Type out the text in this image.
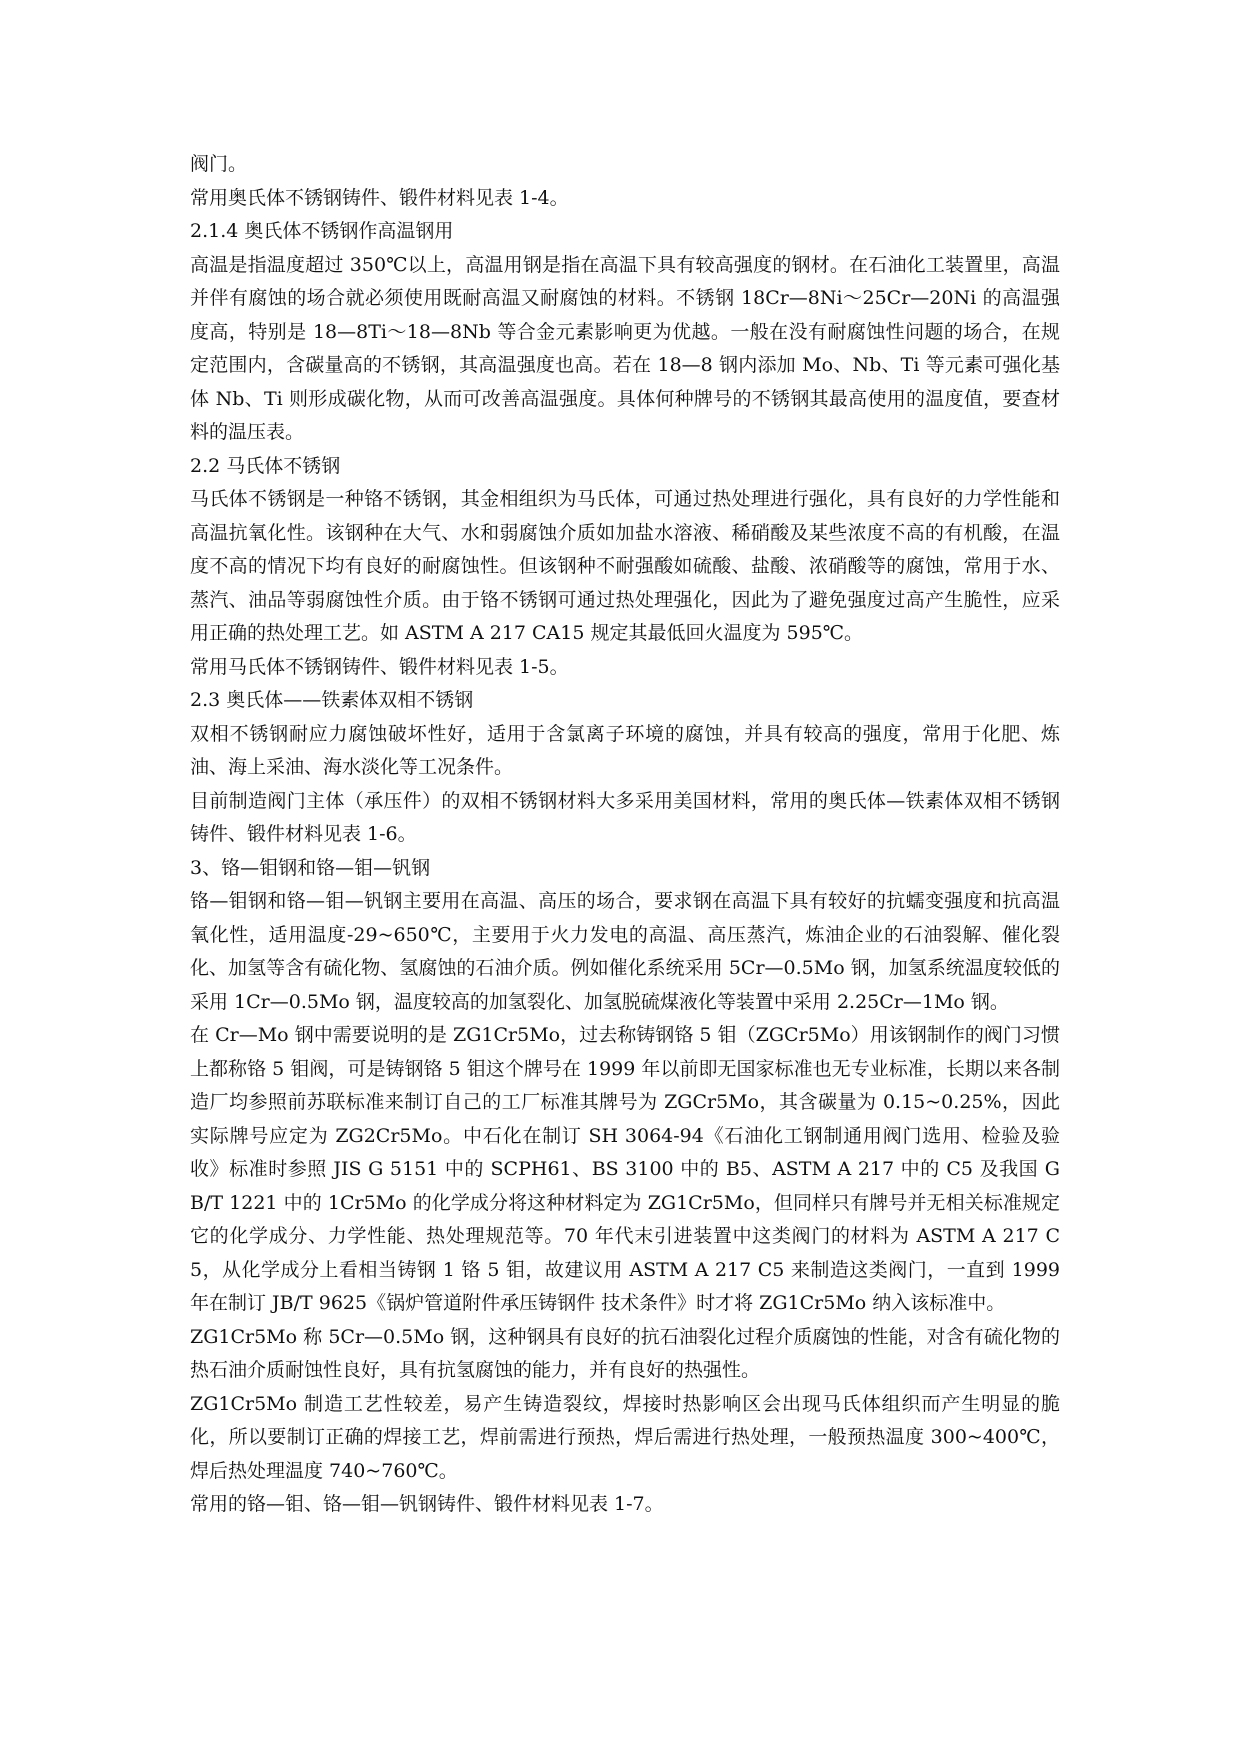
阀门。

常用奥氏体不锈钢铸件、锻件材料见表 1-4。

2.1.4 奥氏体不锈钢作高温钢用

高温是指温度超过 350℃以上，高温用钢是指在高温下具有较高强度的钢材。在石油化工装置里，高温并伴有腐蚀的场合就必须使用既耐高温又耐腐蚀的材料。不锈钢 18Cr—8Ni～25Cr—20Ni 的高温强度高，特别是 18—8Ti～18—8Nb 等合金元素影响更为优越。一般在没有耐腐蚀性问题的场合，在规定范围内，含碳量高的不锈钢，其高温强度也高。若在 18—8 钢内添加 Mo、Nb、Ti 等元素可强化基体 Nb、Ti 则形成碳化物，从而可改善高温强度。具体何种牌号的不锈钢其最高使用的温度值，要查材料的温压表。

2.2 马氏体不锈钢

马氏体不锈钢是一种铬不锈钢，其金相组织为马氏体，可通过热处理进行强化，具有良好的力学性能和高温抗氧化性。该钢种在大气、水和弱腐蚀介质如加盐水溶液、稀硝酸及某些浓度不高的有机酸，在温度不高的情况下均有良好的耐腐蚀性。但该钢种不耐强酸如硫酸、盐酸、浓硝酸等的腐蚀，常用于水、蒸汽、油品等弱腐蚀性介质。由于铬不锈钢可通过热处理强化，因此为了避免强度过高产生脆性，应采用正确的热处理工艺。如 ASTM A 217 CA15 规定其最低回火温度为 595℃。

常用马氏体不锈钢铸件、锻件材料见表 1-5。

2.3 奥氏体——铁素体双相不锈钢

双相不锈钢耐应力腐蚀破坏性好，适用于含氯离子环境的腐蚀，并具有较高的强度，常用于化肥、炼油、海上采油、海水淡化等工况条件。

目前制造阀门主体（承压件）的双相不锈钢材料大多采用美国材料，常用的奥氏体—铁素体双相不锈钢铸件、锻件材料见表 1-6。

3、铬—钼钢和铬—钼—钒钢

铬—钼钢和铬—钼—钒钢主要用在高温、高压的场合，要求钢在高温下具有较好的抗蠕变强度和抗高温氧化性，适用温度-29~650℃，主要用于火力发电的高温、高压蒸汽，炼油企业的石油裂解、催化裂化、加氢等含有硫化物、氢腐蚀的石油介质。例如催化系统采用 5Cr—0.5Mo 钢，加氢系统温度较低的采用 1Cr—0.5Mo 钢，温度较高的加氢裂化、加氢脱硫煤液化等装置中采用 2.25Cr—1Mo 钢。

在 Cr—Mo 钢中需要说明的是 ZG1Cr5Mo，过去称铸钢铬 5 钼（ZGCr5Mo）用该钢制作的阀门习惯上都称铬 5 钼阀，可是铸钢铬 5 钼这个牌号在 1999 年以前即无国家标准也无专业标准，长期以来各制造厂均参照前苏联标准来制订自己的工厂标准其牌号为 ZGCr5Mo，其含碳量为 0.15~0.25%，因此实际牌号应定为 ZG2Cr5Mo。中石化在制订 SH 3064-94《石油化工钢制通用阀门选用、检验及验收》标准时参照 JIS G 5151 中的 SCPH61、BS 3100 中的 B5、ASTM A 217 中的 C5 及我国 GB/T 1221 中的 1Cr5Mo 的化学成分将这种材料定为 ZG1Cr5Mo，但同样只有牌号并无相关标准规定它的化学成分、力学性能、热处理规范等。70 年代末引进装置中这类阀门的材料为 ASTM A 217 C5，从化学成分上看相当铸钢 1 铬 5 钼，故建议用 ASTM A 217 C5 来制造这类阀门，一直到 1999 年在制订 JB/T 9625《锅炉管道附件承压铸钢件 技术条件》时才将 ZG1Cr5Mo 纳入该标准中。

ZG1Cr5Mo 称 5Cr—0.5Mo 钢，这种钢具有良好的抗石油裂化过程介质腐蚀的性能，对含有硫化物的热石油介质耐蚀性良好，具有抗氢腐蚀的能力，并有良好的热强性。

ZG1Cr5Mo 制造工艺性较差，易产生铸造裂纹，焊接时热影响区会出现马氏体组织而产生明显的脆化，所以要制订正确的焊接工艺，焊前需进行预热，焊后需进行热处理，一般预热温度 300~400℃，焊后热处理温度 740~760℃。

常用的铬—钼、铬—钼—钒钢铸件、锻件材料见表 1-7。
